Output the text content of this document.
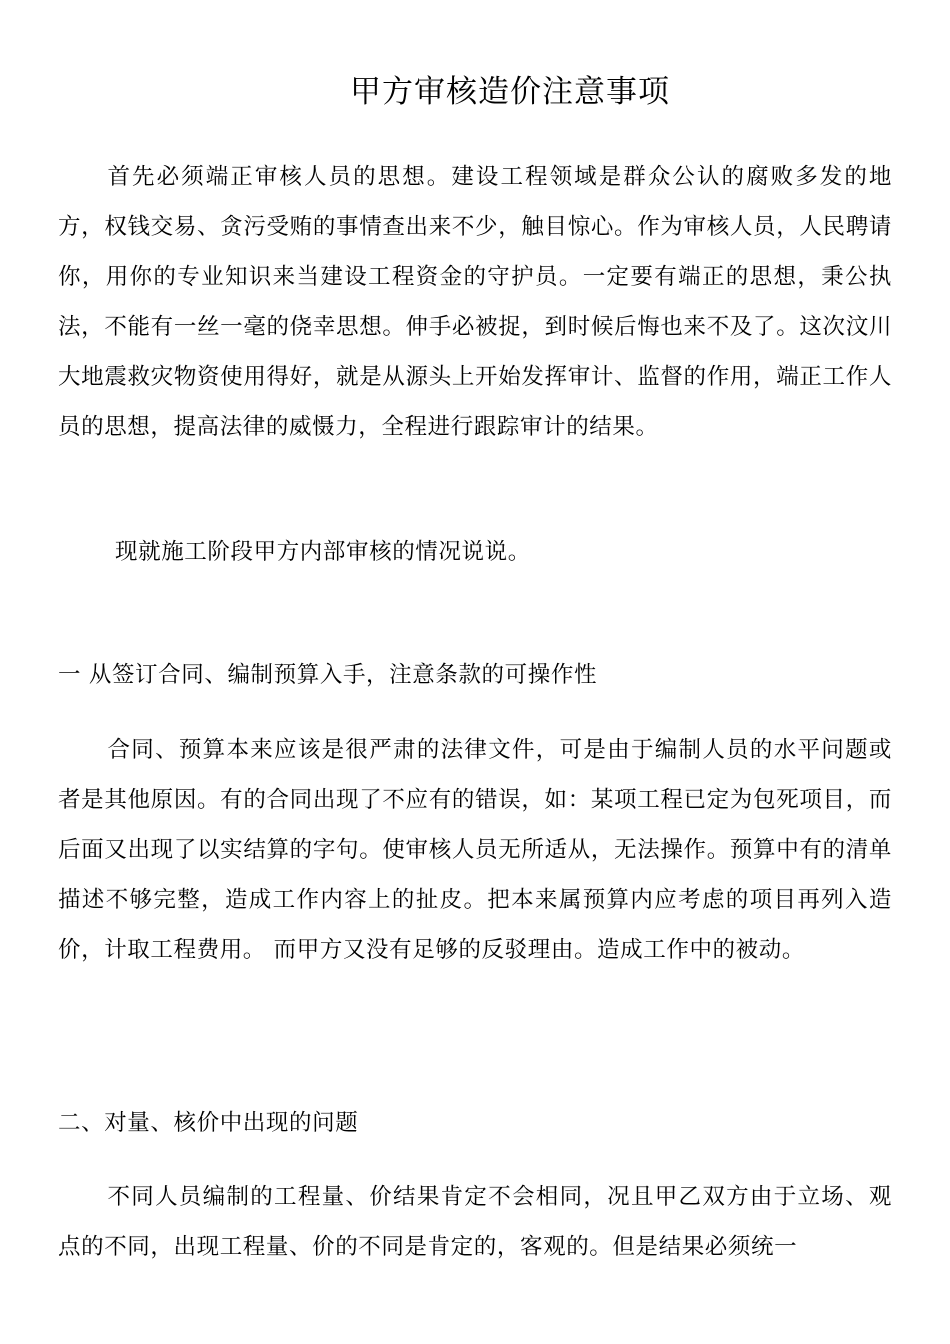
甲方审核造价注意事项

首先必须端正审核人员的思想。建设工程领域是群众公认的腐败多发的地方，权钱交易、贪污受贿的事情查出来不少，触目惊心。作为审核人员，人民聘请你，用你的专业知识来当建设工程资金的守护员。一定要有端正的思想，秉公执法，不能有一丝一毫的侥幸思想。伸手必被捉，到时候后悔也来不及了。这次汶川大地震救灾物资使用得好，就是从源头上开始发挥审计、监督的作用，端正工作人员的思想，提高法律的威慑力，全程进行跟踪审计的结果。

现就施工阶段甲方内部审核的情况说说。

一 从签订合同、编制预算入手，注意条款的可操作性

合同、预算本来应该是很严肃的法律文件，可是由于编制人员的水平问题或者是其他原因。有的合同出现了不应有的错误，如：某项工程已定为包死项目，而后面又出现了以实结算的字句。使审核人员无所适从，无法操作。预算中有的清单描述不够完整，造成工作内容上的扯皮。把本来属预算内应考虑的项目再列入造价，计取工程费用。 而甲方又没有足够的反驳理由。造成工作中的被动。

二、对量、核价中出现的问题

不同人员编制的工程量、价结果肯定不会相同，况且甲乙双方由于立场、观点的不同，出现工程量、价的不同是肯定的，客观的。但是结果必须统一
